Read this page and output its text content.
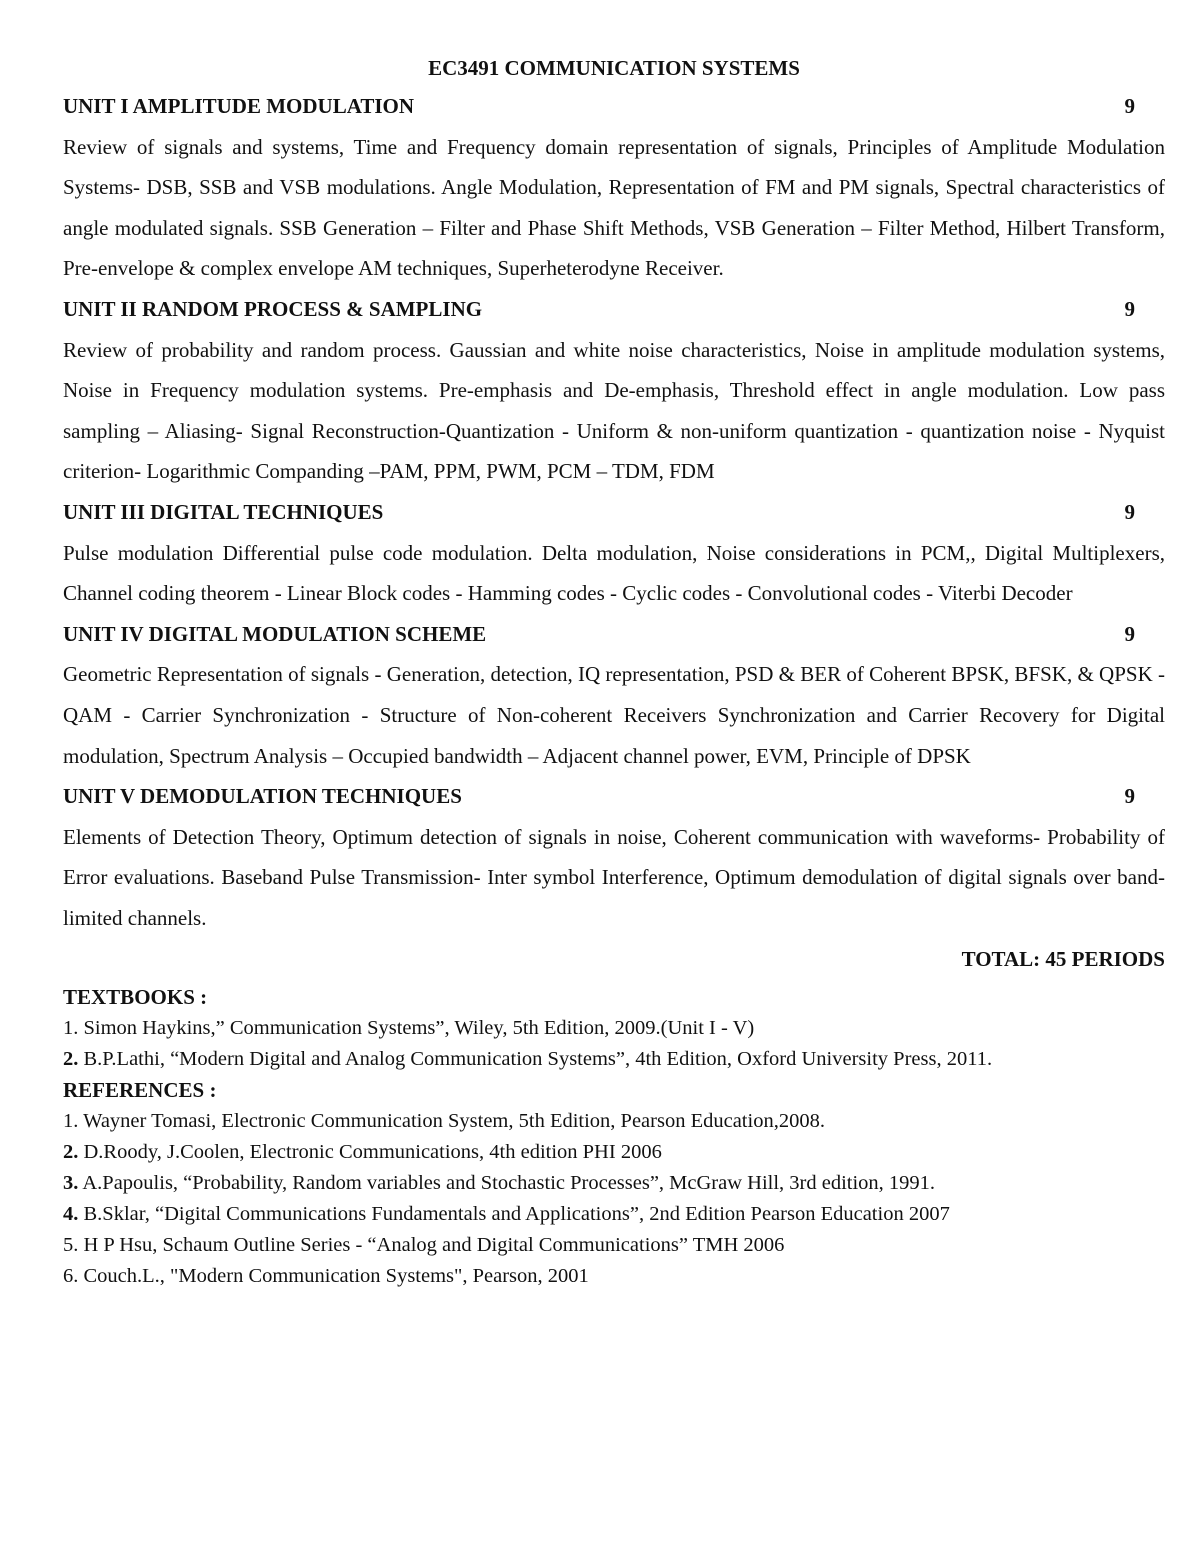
EC3491 COMMUNICATION SYSTEMS
UNIT I AMPLITUDE MODULATION	9

Review of signals and systems, Time and Frequency domain representation of signals, Principles of Amplitude Modulation Systems- DSB, SSB and VSB modulations. Angle Modulation, Representation of FM and PM signals, Spectral characteristics of angle modulated signals. SSB Generation – Filter and Phase Shift Methods, VSB Generation – Filter Method, Hilbert Transform, Pre-envelope & complex envelope AM techniques, Superheterodyne Receiver.

UNIT II RANDOM PROCESS & SAMPLING	9

Review of probability and random process. Gaussian and white noise characteristics, Noise in amplitude modulation systems, Noise in Frequency modulation systems. Pre-emphasis and De-emphasis, Threshold effect in angle modulation. Low pass sampling – Aliasing- Signal Reconstruction-Quantization - Uniform & non-uniform quantization - quantization noise - Nyquist criterion- Logarithmic Companding –PAM, PPM, PWM, PCM – TDM, FDM

UNIT III DIGITAL TECHNIQUES	9

Pulse modulation Differential pulse code modulation. Delta modulation, Noise considerations in PCM,, Digital Multiplexers, Channel coding theorem - Linear Block codes - Hamming codes - Cyclic codes - Convolutional codes - Viterbi Decoder

UNIT IV DIGITAL MODULATION SCHEME	9

Geometric Representation of signals - Generation, detection, IQ representation, PSD & BER of Coherent BPSK, BFSK, & QPSK - QAM - Carrier Synchronization - Structure of Non-coherent Receivers Synchronization and Carrier Recovery for Digital modulation, Spectrum Analysis – Occupied bandwidth – Adjacent channel power, EVM, Principle of DPSK

UNIT V DEMODULATION TECHNIQUES	9

Elements of Detection Theory, Optimum detection of signals in noise, Coherent communication with waveforms- Probability of Error evaluations. Baseband Pulse Transmission- Inter symbol Interference, Optimum demodulation of digital signals over band-limited channels.

TOTAL: 45 PERIODS
TEXTBOOKS :
1. Simon Haykins,” Communication Systems”, Wiley, 5th Edition, 2009.(Unit I - V)
2. B.P.Lathi, “Modern Digital and Analog Communication Systems”, 4th Edition, Oxford University Press, 2011.
REFERENCES :
1. Wayner Tomasi, Electronic Communication System, 5th Edition, Pearson Education,2008.
2. D.Roody, J.Coolen, Electronic Communications, 4th edition PHI 2006
3. A.Papoulis, “Probability, Random variables and Stochastic Processes”, McGraw Hill, 3rd edition, 1991.
4. B.Sklar, “Digital Communications Fundamentals and Applications”, 2nd Edition Pearson Education 2007
5. H P Hsu, Schaum Outline Series - “Analog and Digital Communications” TMH 2006
6. Couch.L., "Modern Communication Systems", Pearson, 2001
